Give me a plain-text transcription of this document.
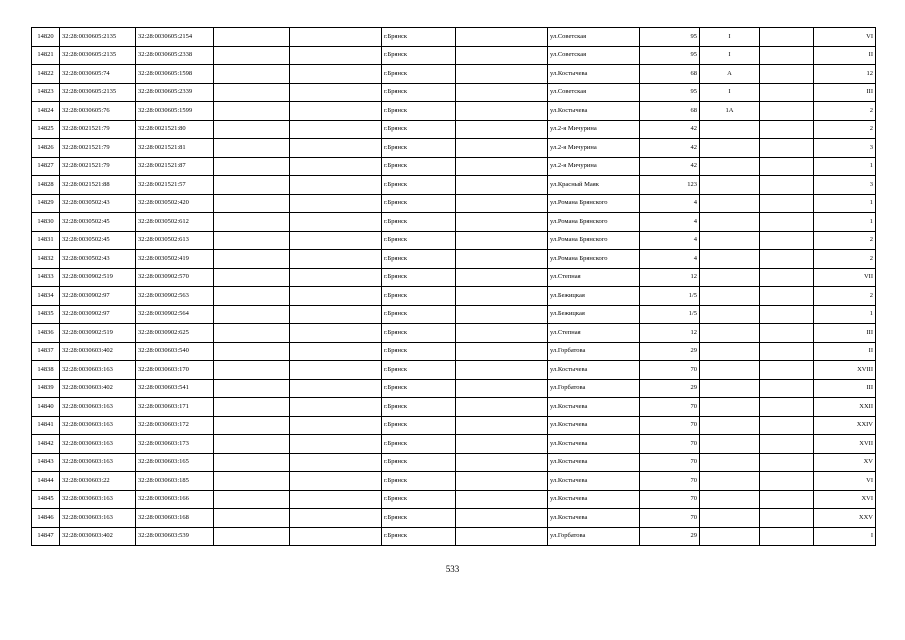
14820	32:28:0030605:2135	32:28:0030605:2154			г.Брянск		ул.Советская	95	I		VI
14821	32:28:0030605:2135	32:28:0030605:2338			г.Брянск		ул.Советская	95	I		II
14822	32:28:0030605:74	32:28:0030605:1598			г.Брянск		ул.Костычева	68	А		12
14823	32:28:0030605:2135	32:28:0030605:2339			г.Брянск		ул.Советская	95	I		III
14824	32:28:0030605:76	32:28:0030605:1599			г.Брянск		ул.Костычева	68	1А		2
14825	32:28:0021521:79	32:28:0021521:80			г.Брянск		ул.2-я Мичурина	42			2
14826	32:28:0021521:79	32:28:0021521:81			г.Брянск		ул.2-я Мичурина	42			3
14827	32:28:0021521:79	32:28:0021521:87			г.Брянск		ул.2-я Мичурина	42			1
14828	32:28:0021521:88	32:28:0021521:57			г.Брянск		ул.Красный Маяк	123			3
14829	32:28:0030502:43	32:28:0030502:420			г.Брянск		ул.Романа Брянского	4			1
14830	32:28:0030502:45	32:28:0030502:612			г.Брянск		ул.Романа Брянского	4			1
14831	32:28:0030502:45	32:28:0030502:613			г.Брянск		ул.Романа Брянского	4			2
14832	32:28:0030502:43	32:28:0030502:419			г.Брянск		ул.Романа Брянского	4			2
14833	32:28:0030902:519	32:28:0030902:570			г.Брянск		ул.Степная	12			VII
14834	32:28:0030902:97	32:28:0030902:563			г.Брянск		ул.Бежицкая	1/5			2
14835	32:28:0030902:97	32:28:0030902:564			г.Брянск		ул.Бежицкая	1/5			1
14836	32:28:0030902:519	32:28:0030902:625			г.Брянск		ул.Степная	12			III
14837	32:28:0030603:402	32:28:0030603:540			г.Брянск		ул.Горбатова	29			II
14838	32:28:0030603:163	32:28:0030603:170			г.Брянск		ул.Костычева	70			XVIII
14839	32:28:0030603:402	32:28:0030603:541			г.Брянск		ул.Горбатова	29			III
14840	32:28:0030603:163	32:28:0030603:171			г.Брянск		ул.Костычева	70			XXII
14841	32:28:0030603:163	32:28:0030603:172			г.Брянск		ул.Костычева	70			XXIV
14842	32:28:0030603:163	32:28:0030603:173			г.Брянск		ул.Костычева	70			XVII
14843	32:28:0030603:163	32:28:0030603:165			г.Брянск		ул.Костычева	70			XV
14844	32:28:0030603:22	32:28:0030603:185			г.Брянск		ул.Костычева	70			VI
14845	32:28:0030603:163	32:28:0030603:166			г.Брянск		ул.Костычева	70			XVI
14846	32:28:0030603:163	32:28:0030603:168			г.Брянск		ул.Костычева	70			XXV
14847	32:28:0030603:402	32:28:0030603:539			г.Брянск		ул.Горбатова	29			I
533
